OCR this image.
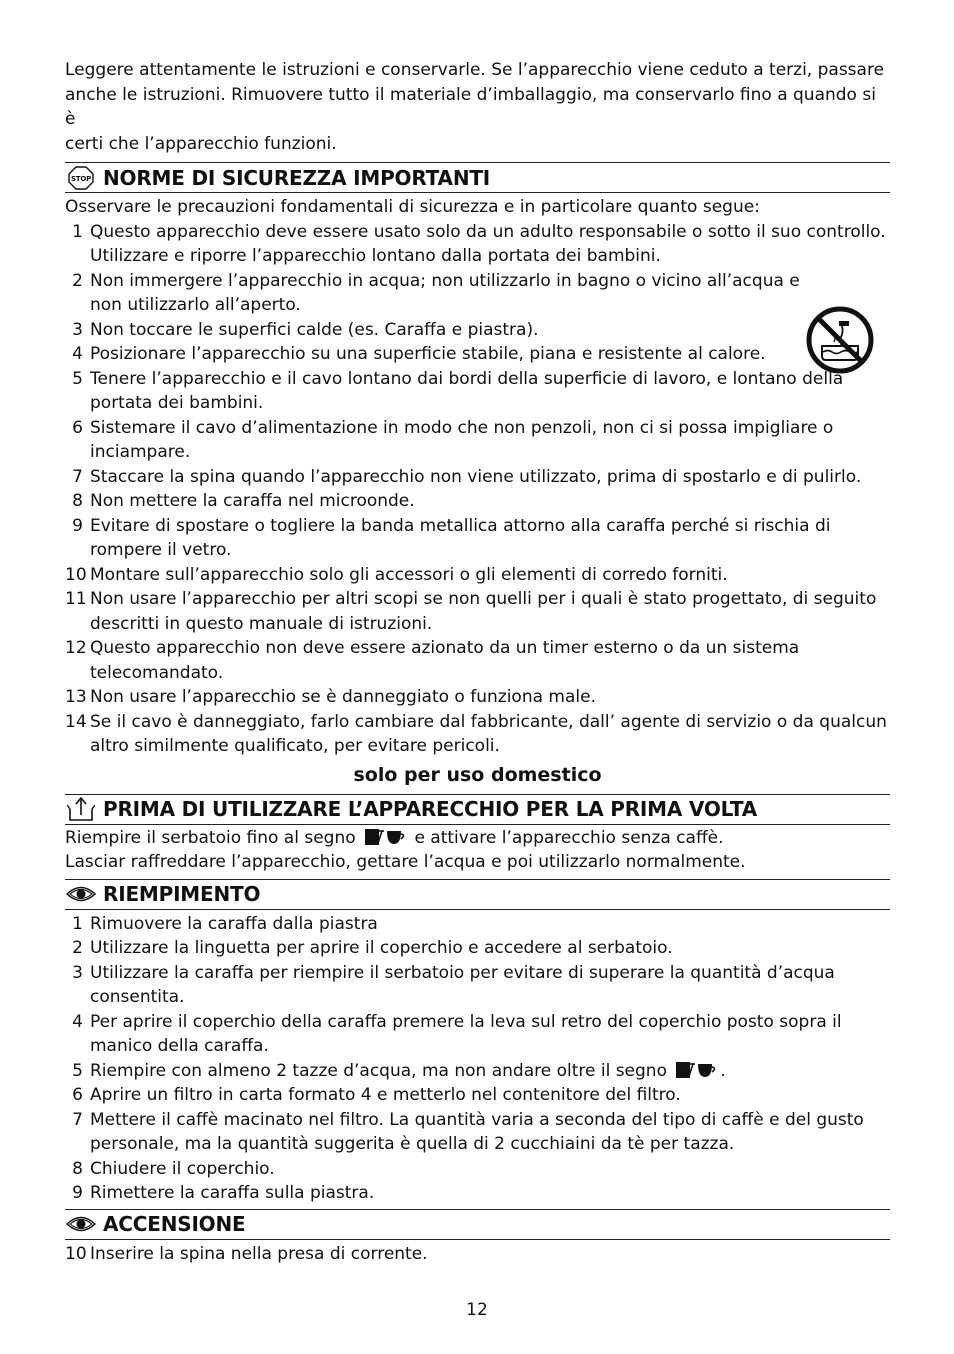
Leggere attentamente le istruzioni e conservarle. Se l’apparecchio viene ceduto a terzi, passare
anche le istruzioni. Rimuovere tutto il materiale d’imballaggio, ma conservarlo fino a quando si è
certi che l’apparecchio funzioni.
STOP NORME DI SICUREZZA IMPORTANTI
Osservare le precauzioni fondamentali di sicurezza e in particolare quanto segue:
1 Questo apparecchio deve essere usato solo da un adulto responsabile o sotto il suo controllo.
Utilizzare e riporre l’apparecchio lontano dalla portata dei bambini.
2 Non immergere l’apparecchio in acqua; non utilizzarlo in bagno o vicino all’acqua e
non utilizzarlo all’aperto.
3 Non toccare le superfici calde (es. Caraffa e piastra).
4 Posizionare l’apparecchio su una superficie stabile, piana e resistente al calore.
5 Tenere l’apparecchio e il cavo lontano dai bordi della superficie di lavoro, e lontano della
portata dei bambini.
6 Sistemare il cavo d’alimentazione in modo che non penzoli, non ci si possa impigliare o
inciampare.
7 Staccare la spina quando l’apparecchio non viene utilizzato, prima di spostarlo e di pulirlo.
8 Non mettere la caraffa nel microonde.
9 Evitare di spostare o togliere la banda metallica attorno alla caraffa perché si rischia di
rompere il vetro.
10 Montare sull’apparecchio solo gli accessori o gli elementi di corredo forniti.
11 Non usare l’apparecchio per altri scopi se non quelli per i quali è stato progettato, di seguito
descritti in questo manuale di istruzioni.
12 Questo apparecchio non deve essere azionato da un timer esterno o da un sistema
telecomandato.
13 Non usare l’apparecchio se è danneggiato o funziona male.
14 Se il cavo è danneggiato, farlo cambiare dal fabbricante, dall’ agente di servizio o da qualcun
altro similmente qualificato, per evitare pericoli.
solo per uso domestico
PRIMA DI UTILIZZARE L’APPARECCHIO PER LA PRIMA VOLTA
Riempire il serbatoio fino al segno	e attivare l’apparecchio senza caffè.
Lasciar raffreddare l’apparecchio, gettare l’acqua e poi utilizzarlo normalmente.
RIEMPIMENTO
1 Rimuovere la caraffa dalla piastra
2 Utilizzare la linguetta per aprire il coperchio e accedere al serbatoio.
3 Utilizzare la caraffa per riempire il serbatoio per evitare di superare la quantità d’acqua
consentita.
4 Per aprire il coperchio della caraffa premere la leva sul retro del coperchio posto sopra il
manico della caraffa.
5 Riempire con almeno 2 tazze d’acqua, ma non andare oltre il segno	.
6 Aprire un filtro in carta formato 4 e metterlo nel contenitore del filtro.
7 Mettere il caffè macinato nel filtro. La quantità varia a seconda del tipo di caffè e del gusto
personale, ma la quantità suggerita è quella di 2 cucchiaini da tè per tazza.
8 Chiudere il coperchio.
9 Rimettere la caraffa sulla piastra.
ACCENSIONE
10 Inserire la spina nella presa di corrente.
12
